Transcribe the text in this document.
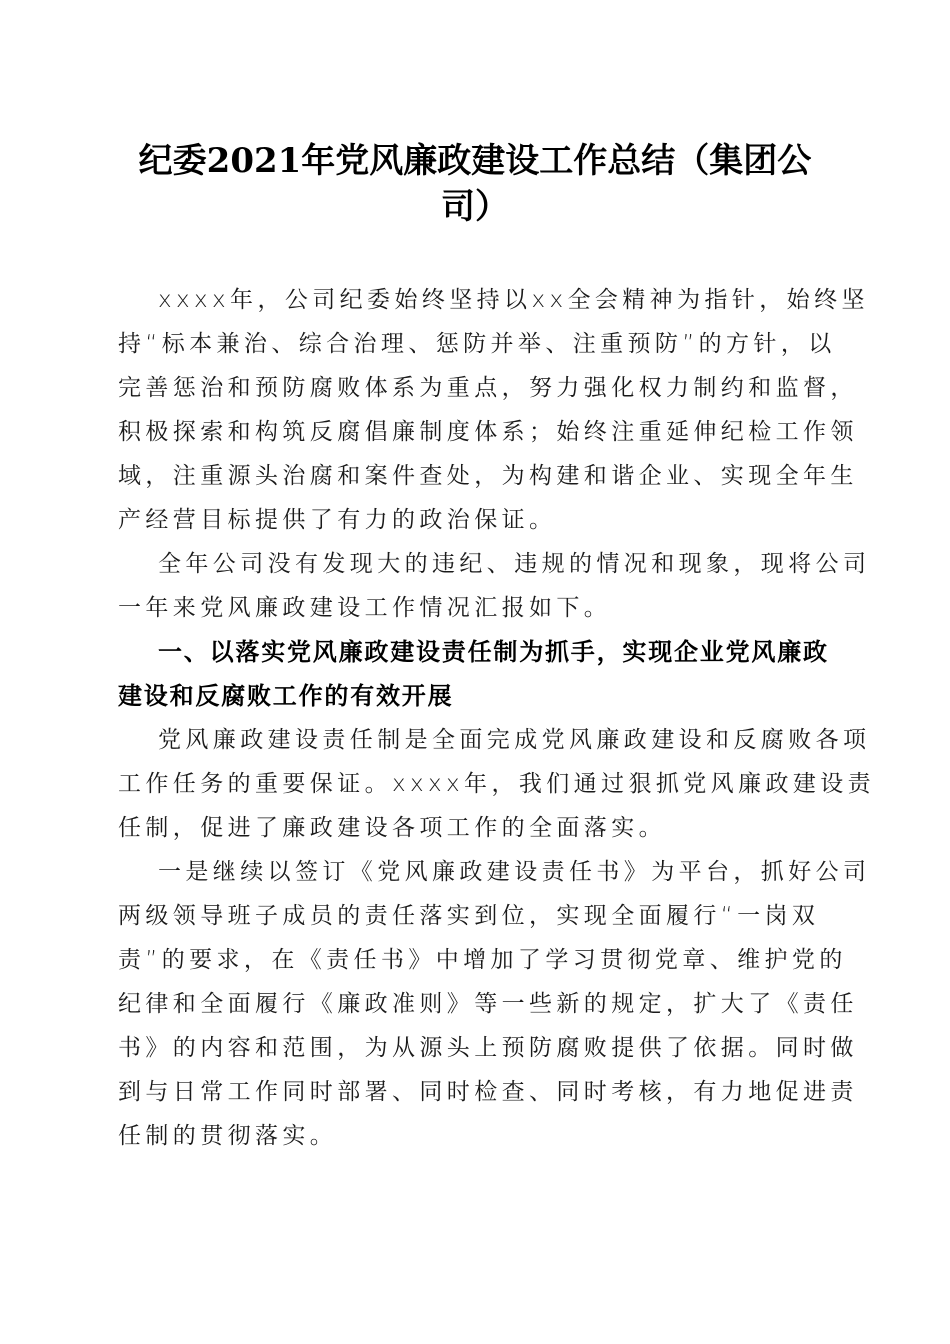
纪委2021年党风廉政建设工作总结（集团公
司）
xxxx年，公司纪委始终坚持以xx全会精神为指针，始终坚
持“标本兼治、综合治理、惩防并举、注重预防”的方针，以
完善惩治和预防腐败体系为重点，努力强化权力制约和监督，
积极探索和构筑反腐倡廉制度体系；始终注重延伸纪检工作领
域，注重源头治腐和案件查处，为构建和谐企业、实现全年生
产经营目标提供了有力的政治保证。
全年公司没有发现大的违纪、违规的情况和现象，现将公司
一年来党风廉政建设工作情况汇报如下。
一、以落实党风廉政建设责任制为抓手，实现企业党风廉政
建设和反腐败工作的有效开展
党风廉政建设责任制是全面完成党风廉政建设和反腐败各项
工作任务的重要保证。xxxx年，我们通过狠抓党风廉政建设责
任制，促进了廉政建设各项工作的全面落实。
一是继续以签订《党风廉政建设责任书》为平台，抓好公司
两级领导班子成员的责任落实到位，实现全面履行“一岗双
责”的要求，在《责任书》中增加了学习贯彻党章、维护党的
纪律和全面履行《廉政准则》等一些新的规定，扩大了《责任
书》的内容和范围，为从源头上预防腐败提供了依据。同时做
到与日常工作同时部署、同时检查、同时考核，有力地促进责
任制的贯彻落实。
